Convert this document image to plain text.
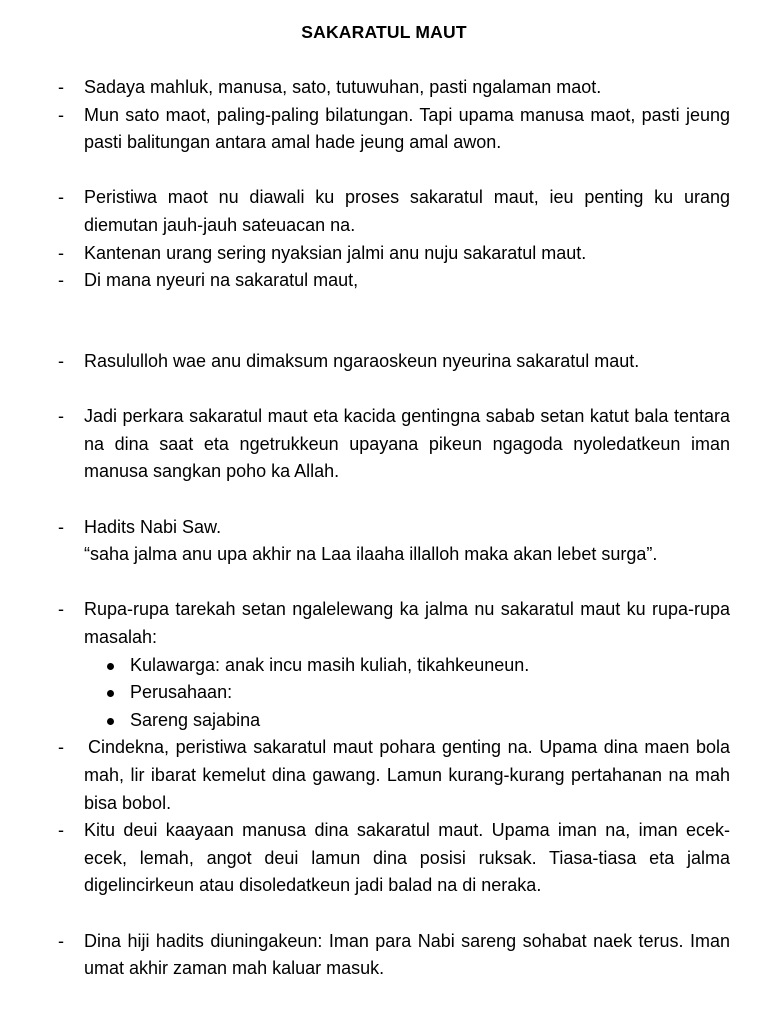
SAKARATUL MAUT
- Sadaya mahluk, manusa, sato, tutuwuhan, pasti ngalaman maot.
- Mun sato maot, paling-paling bilatungan. Tapi upama manusa maot, pasti jeung pasti balitungan antara amal hade jeung amal awon.
- Peristiwa maot nu diawali ku proses sakaratul maut, ieu penting ku urang diemutan jauh-jauh sateuacan na.
- Kantenan urang sering nyaksian jalmi anu nuju sakaratul maut.
- Di mana nyeuri na sakaratul maut,
- Rasululloh wae anu dimaksum ngaraoskeun nyeurina sakaratul maut.
- Jadi perkara sakaratul maut eta kacida gentingna sabab setan katut bala tentara na dina saat eta ngetrukkeun upayana pikeun ngagoda nyoledatkeun iman manusa sangkan poho ka Allah.
- Hadits Nabi Saw.
“saha jalma anu upa akhir na Laa ilaaha illalloh maka akan lebet surga”.
- Rupa-rupa tarekah setan ngalelewang ka jalma nu sakaratul maut ku rupa-rupa masalah:
Kulawarga: anak incu masih kuliah, tikahkeuneun.
Perusahaan:
Sareng sajabina
- Cindekna, peristiwa sakaratul maut pohara genting na. Upama dina maen bola mah, lir ibarat kemelut dina gawang. Lamun kurang-kurang pertahanan na mah bisa bobol.
- Kitu deui kaayaan manusa dina sakaratul maut. Upama iman na, iman ecek-ecek, lemah, angot deui lamun dina posisi ruksak. Tiasa-tiasa eta jalma digelincirkeun atau disoledatkeun jadi balad na di neraka.
- Dina hiji hadits diuningakeun: Iman para Nabi sareng sohabat naek terus. Iman umat akhir zaman mah kaluar masuk.
